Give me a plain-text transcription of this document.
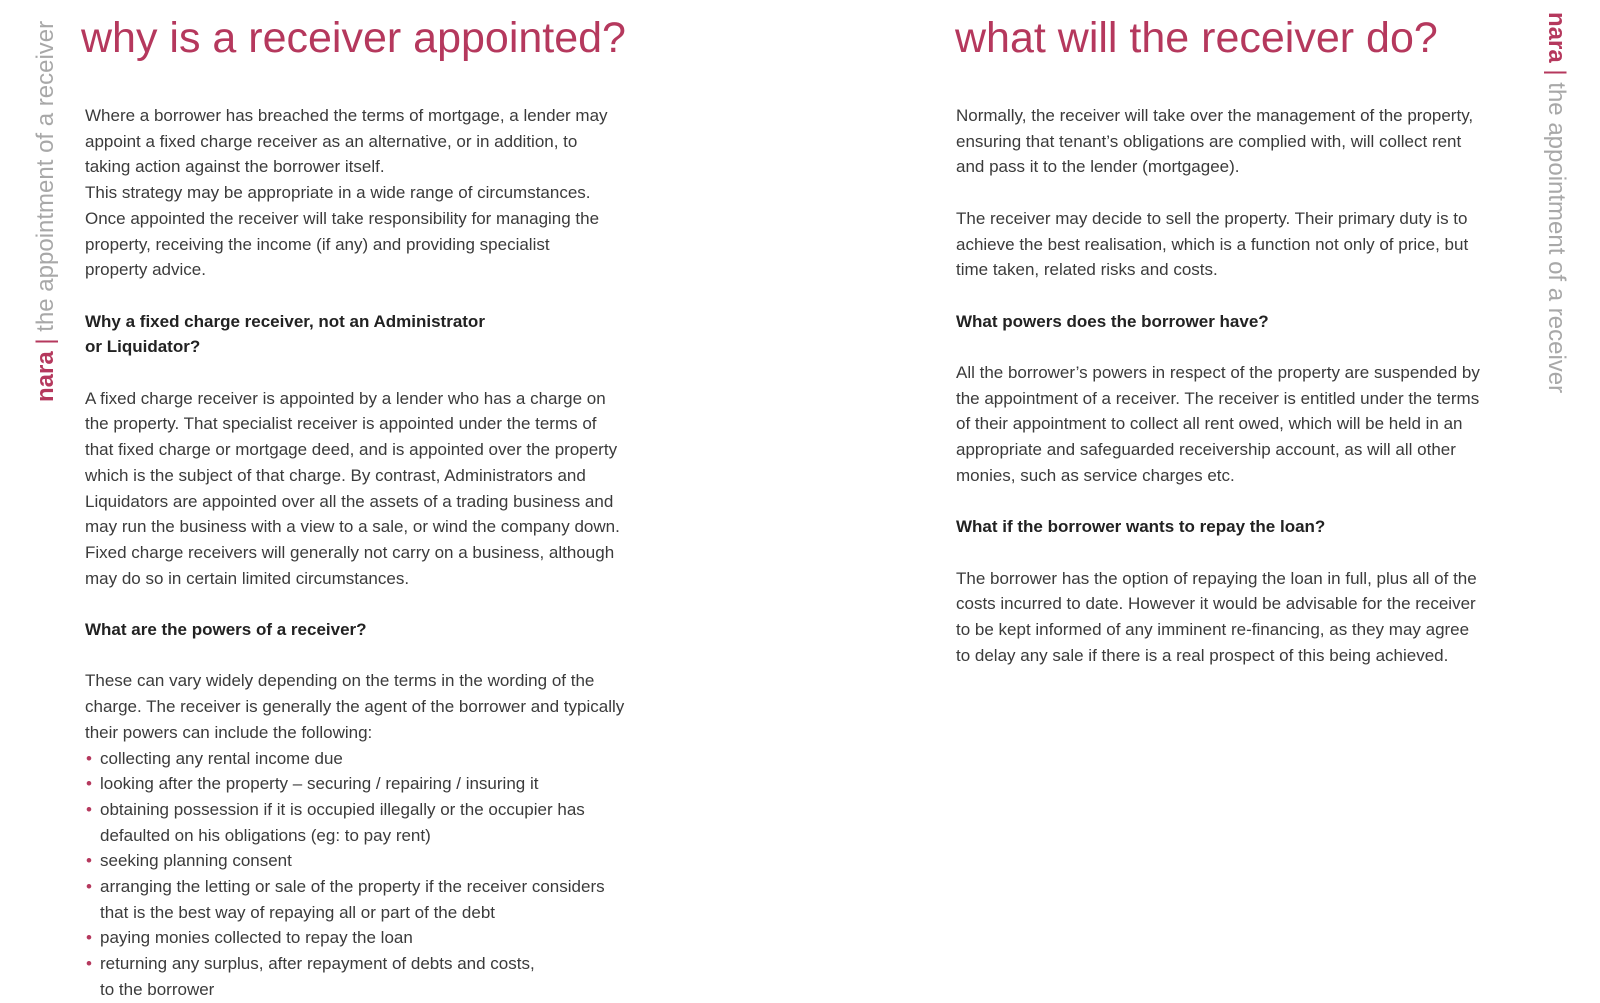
nara | the appointment of a receiver	nara | the appointment of a receiver
why is a receiver appointed?	what will the receiver do?

Where a borrower has breached the terms of mortgage, a lender may
appoint a fixed charge receiver as an alternative, or in addition, to
taking action against the borrower itself.
This strategy may be appropriate in a wide range of circumstances.
Once appointed the receiver will take responsibility for managing the
property, receiving the income (if any) and providing specialist
property advice.

Why a fixed charge receiver, not an Administrator
or Liquidator?

A fixed charge receiver is appointed by a lender who has a charge on
the property. That specialist receiver is appointed under the terms of
that fixed charge or mortgage deed, and is appointed over the property
which is the subject of that charge. By contrast, Administrators and
Liquidators are appointed over all the assets of a trading business and
may run the business with a view to a sale, or wind the company down.
Fixed charge receivers will generally not carry on a business, although
may do so in certain limited circumstances.

What are the powers of a receiver?

These can vary widely depending on the terms in the wording of the
charge. The receiver is generally the agent of the borrower and typically
their powers can include the following:

• collecting any rental income due
• looking after the property – securing / repairing / insuring it
• obtaining possession if it is occupied illegally or the occupier has
defaulted on his obligations (eg: to pay rent)
• seeking planning consent
• arranging the letting or sale of the property if the receiver considers
that is the best way of repaying all or part of the debt
• paying monies collected to repay the loan
• returning any surplus, after repayment of debts and costs,
to the borrower

Normally, the receiver will take over the management of the property,
ensuring that tenant’s obligations are complied with, will collect rent
and pass it to the lender (mortgagee).

The receiver may decide to sell the property. Their primary duty is to
achieve the best realisation, which is a function not only of price, but
time taken, related risks and costs.

What powers does the borrower have?

All the borrower’s powers in respect of the property are suspended by
the appointment of a receiver. The receiver is entitled under the terms
of their appointment to collect all rent owed, which will be held in an
appropriate and safeguarded receivership account, as will all other
monies, such as service charges etc.

What if the borrower wants to repay the loan?

The borrower has the option of repaying the loan in full, plus all of the
costs incurred to date. However it would be advisable for the receiver
to be kept informed of any imminent re-financing, as they may agree
to delay any sale if there is a real prospect of this being achieved.
